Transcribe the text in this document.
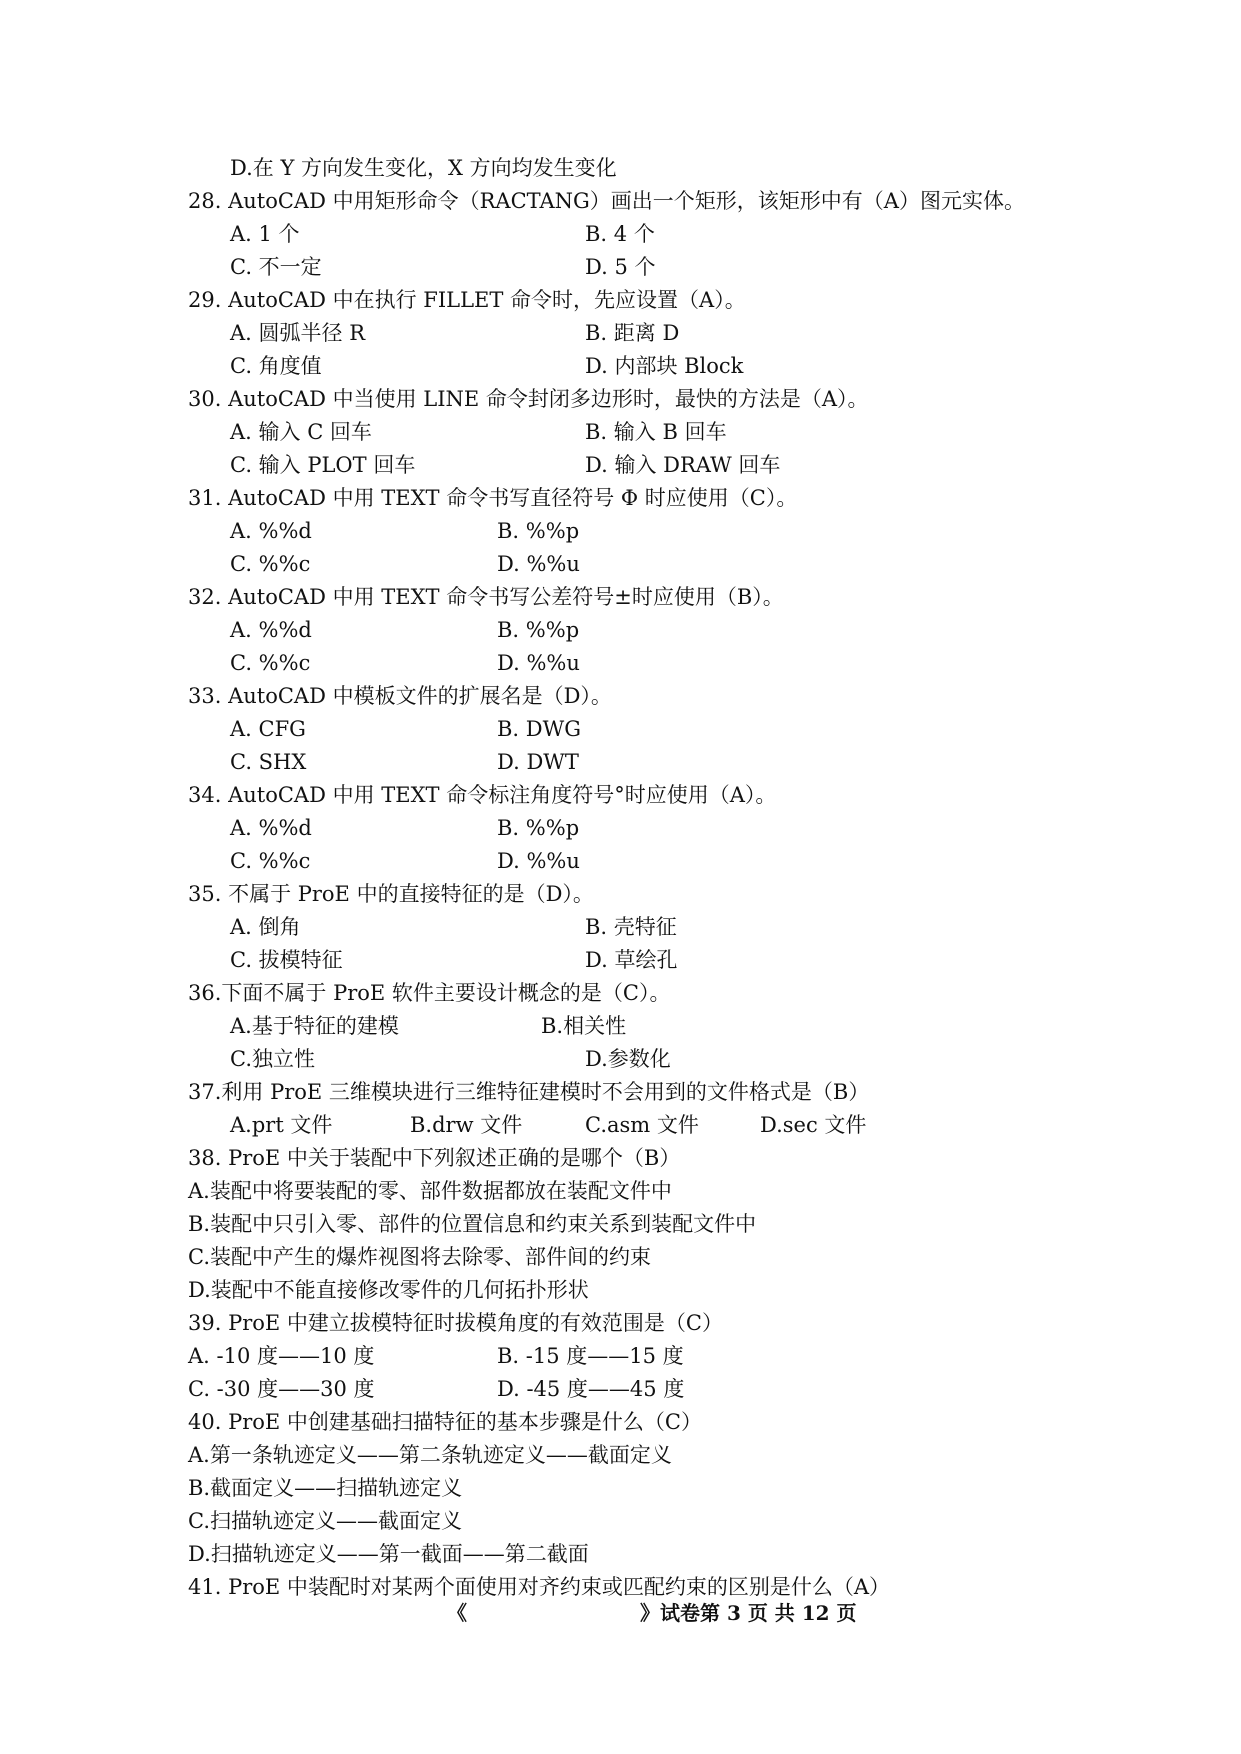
D.在 Y 方向发生变化，X 方向均发生变化
28. AutoCAD 中用矩形命令（RACTANG）画出一个矩形，该矩形中有（A）图元实体。
A. 1 个	B. 4 个
C. 不一定	D. 5 个
29. AutoCAD 中在执行 FILLET 命令时，先应设置（A）。
A. 圆弧半径 R	B. 距离 D
C. 角度值	D. 内部块 Block
30. AutoCAD 中当使用 LINE 命令封闭多边形时，最快的方法是（A）。
A. 输入 C 回车	B. 输入 B 回车
C. 输入 PLOT 回车	D. 输入 DRAW 回车
31. AutoCAD 中用 TEXT 命令书写直径符号 Φ 时应使用（C）。
A. %%d	B. %%p
C. %%c	D. %%u
32. AutoCAD 中用 TEXT 命令书写公差符号±时应使用（B）。
A. %%d	B. %%p
C. %%c	D. %%u
33. AutoCAD 中模板文件的扩展名是（D）。
A. CFG	B. DWG
C. SHX	D. DWT
34. AutoCAD 中用 TEXT 命令标注角度符号°时应使用（A）。
A. %%d	B. %%p
C. %%c	D. %%u
35. 不属于 ProE 中的直接特征的是（D）。
A. 倒角	B. 壳特征
C. 拔模特征	D. 草绘孔
36.下面不属于 ProE 软件主要设计概念的是（C）。
A.基于特征的建模	B.相关性
C.独立性	D.参数化
37.利用 ProE 三维模块进行三维特征建模时不会用到的文件格式是（B）
A.prt 文件	B.drw 文件	C.asm 文件	D.sec 文件
38. ProE 中关于装配中下列叙述正确的是哪个（B）
A.装配中将要装配的零、部件数据都放在装配文件中
B.装配中只引入零、部件的位置信息和约束关系到装配文件中
C.装配中产生的爆炸视图将去除零、部件间的约束
D.装配中不能直接修改零件的几何拓扑形状
39. ProE 中建立拔模特征时拔模角度的有效范围是（C）
A. -10 度——10 度	B. -15 度——15 度
C. -30 度——30 度	D. -45 度——45 度
40. ProE 中创建基础扫描特征的基本步骤是什么（C）
A.第一条轨迹定义——第二条轨迹定义——截面定义
B.截面定义——扫描轨迹定义
C.扫描轨迹定义——截面定义
D.扫描轨迹定义——第一截面——第二截面
41. ProE 中装配时对某两个面使用对齐约束或匹配约束的区别是什么（A）
《	》试卷第 3 页 共 12 页
